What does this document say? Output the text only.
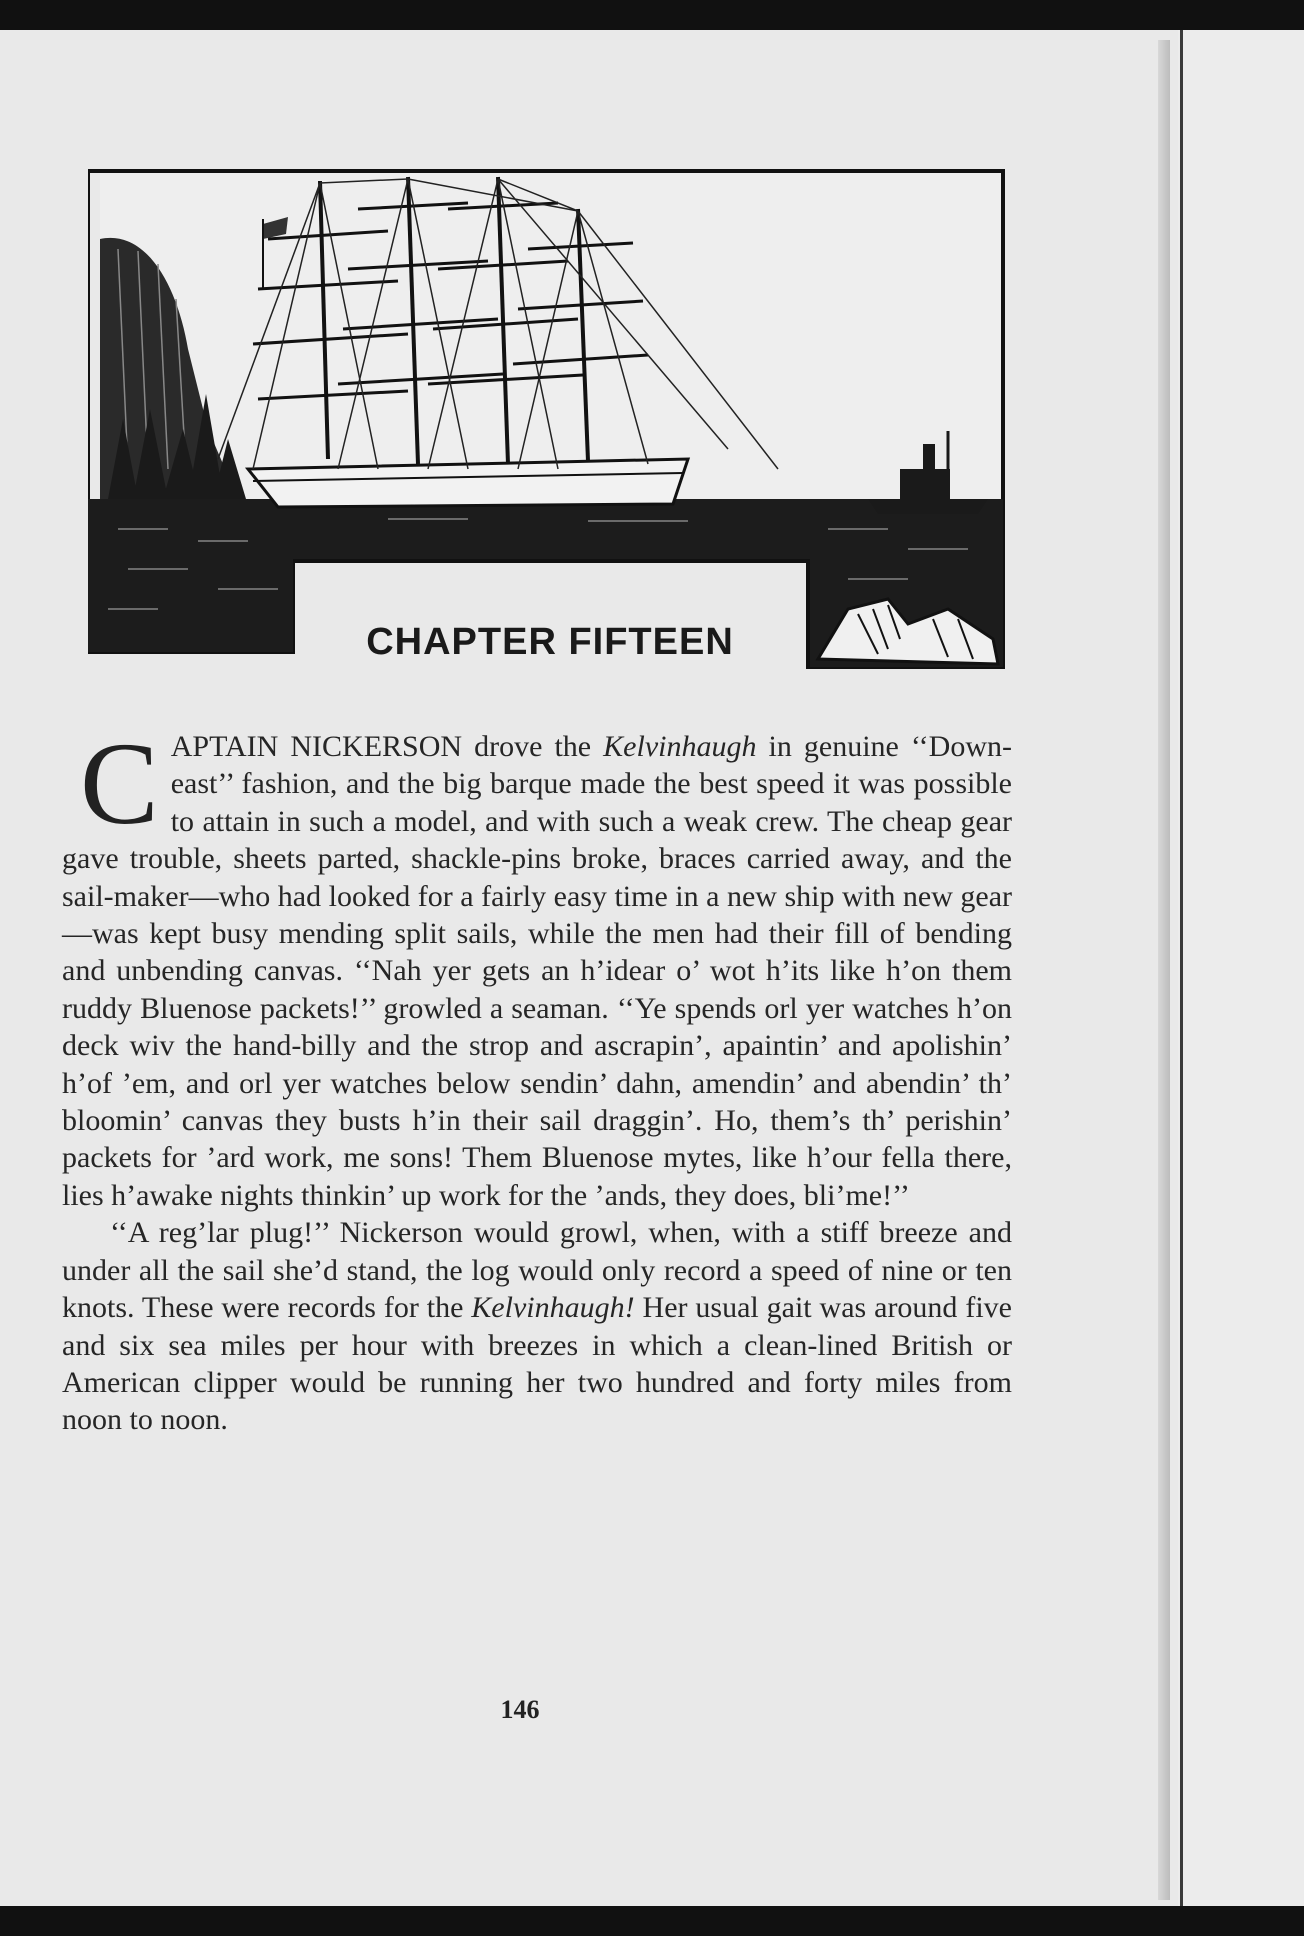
CHAPTER FIFTEEN

CAPTAIN NICKERSON drove the Kelvinhaugh in genuine ‘‘Down-east’’ fashion, and the big barque made the best speed it was possible to attain in such a model, and with such a weak crew. The cheap gear gave trouble, sheets parted, shackle-pins broke, braces carried away, and the sail-maker—who had looked for a fairly easy time in a new ship with new gear—was kept busy mending split sails, while the men had their fill of bending and unbending canvas. ‘‘Nah yer gets an h’idear o’ wot h’its like h’on them ruddy Bluenose packets!’’ growled a seaman. ‘‘Ye spends orl yer watches h’on deck wiv the hand-billy and the strop and ascrapin’, apaintin’ and apolishin’ h’of ’em, and orl yer watches below sendin’ dahn, amendin’ and abendin’ th’ bloomin’ canvas they busts h’in their sail draggin’. Ho, them’s th’ perishin’ packets for ’ard work, me sons! Them Bluenose mytes, like h’our fella there, lies h’awake nights thinkin’ up work for the ’ands, they does, bli’me!’’

‘‘A reg’lar plug!’’ Nickerson would growl, when, with a stiff breeze and under all the sail she’d stand, the log would only record a speed of nine or ten knots. These were records for the Kelvinhaugh! Her usual gait was around five and six sea miles per hour with breezes in which a clean-lined British or American clipper would be running her two hundred and forty miles from noon to noon.

146
